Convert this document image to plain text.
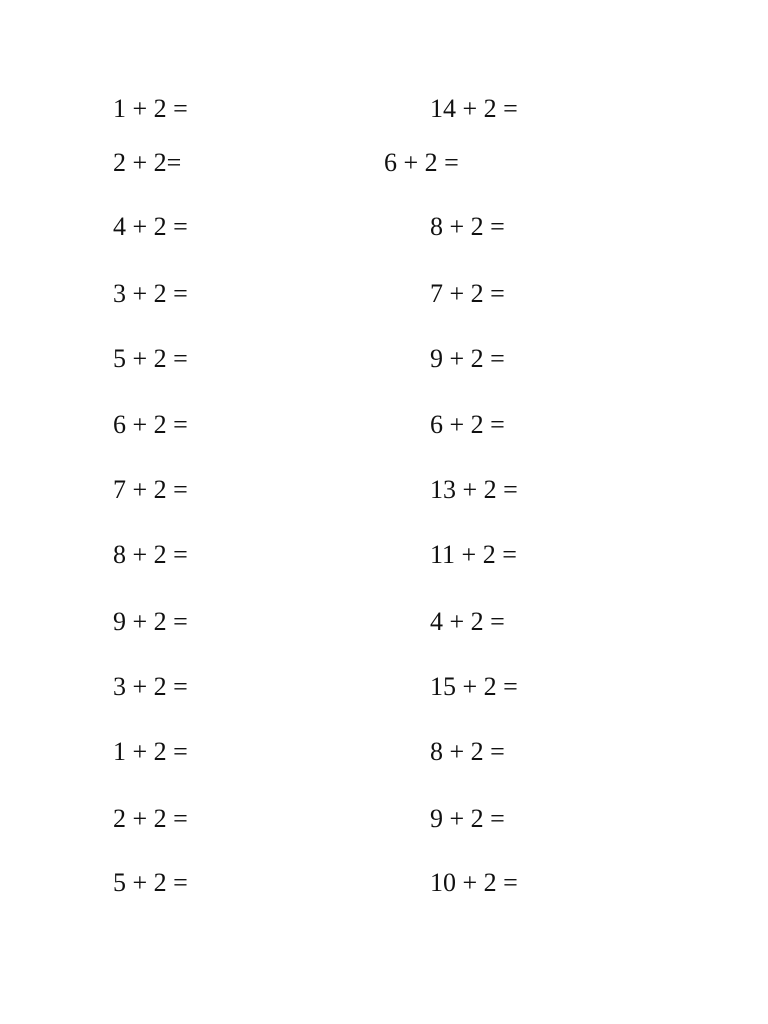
1 + 2 =
2 + 2=
4 + 2 =
3 + 2 =
5 + 2 =
6 + 2 =
7 + 2 =
8 + 2 =
9 + 2 =
3 + 2 =
1 + 2 =
2 + 2 =
5 + 2 =
14 + 2 =
6 + 2 =
8 + 2 =
7 + 2 =
9 + 2 =
6 + 2 =
13 + 2 =
11 + 2 =
4 + 2 =
15 + 2 =
8 + 2 =
9 + 2 =
10 + 2 =
